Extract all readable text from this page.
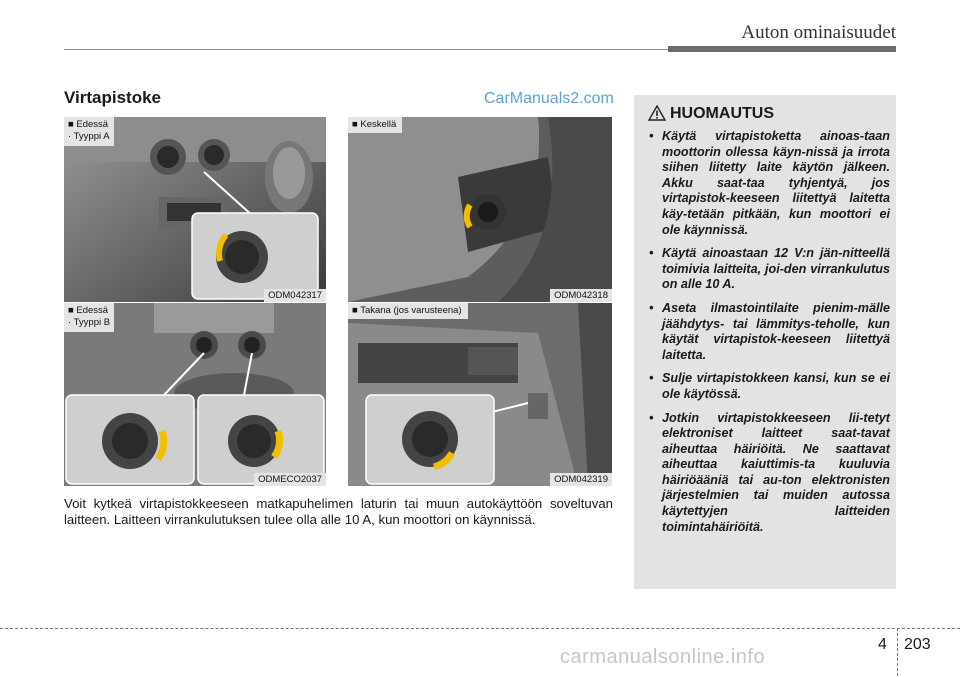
Auton ominaisuudet
Virtapistoke	CarManuals2.com
■ Edessä
· Tyyppi A
ODM042317
■ Keskellä
ODM042318
■ Edessä
· Tyyppi B
ODMECO2037
■ Takana (jos varusteena)
ODM042319
Voit kytkeä virtapistokkeeseen matkapuhelimen laturin tai muun autokäyttöön soveltuvan laitteen. Laitteen virrankulutuksen tulee olla alle 10 A, kun moottori on käynnissä.
HUOMAUTUS
• Käytä virtapistoketta ainoas-taan moottorin ollessa käyn-nissä ja irrota siihen liitetty laite käytön jälkeen. Akku saat-taa tyhjentyä, jos virtapistok-keeseen liitettyä laitetta käy-tetään pitkään, kun moottori ei ole käynnissä.
• Käytä ainoastaan 12 V:n jän-nitteellä toimivia laitteita, joi-den virrankulutus on alle 10 A.
• Aseta ilmastointilaite pienim-mälle jäähdytys- tai lämmitys-teholle, kun käytät virtapistok-keeseen liitettyä laitetta.
• Sulje virtapistokkeen kansi, kun se ei ole käytössä.
• Jotkin virtapistokkeeseen lii-tetyt elektroniset laitteet saat-tavat aiheuttaa häiriöitä. Ne saattavat aiheuttaa kaiuttimis-ta kuuluvia häiriöääniä tai au-ton elektronisten järjestelmien tai muiden autossa käytettyjen laitteiden toimintahäiriöitä.
4 203
carmanualsonline.info
